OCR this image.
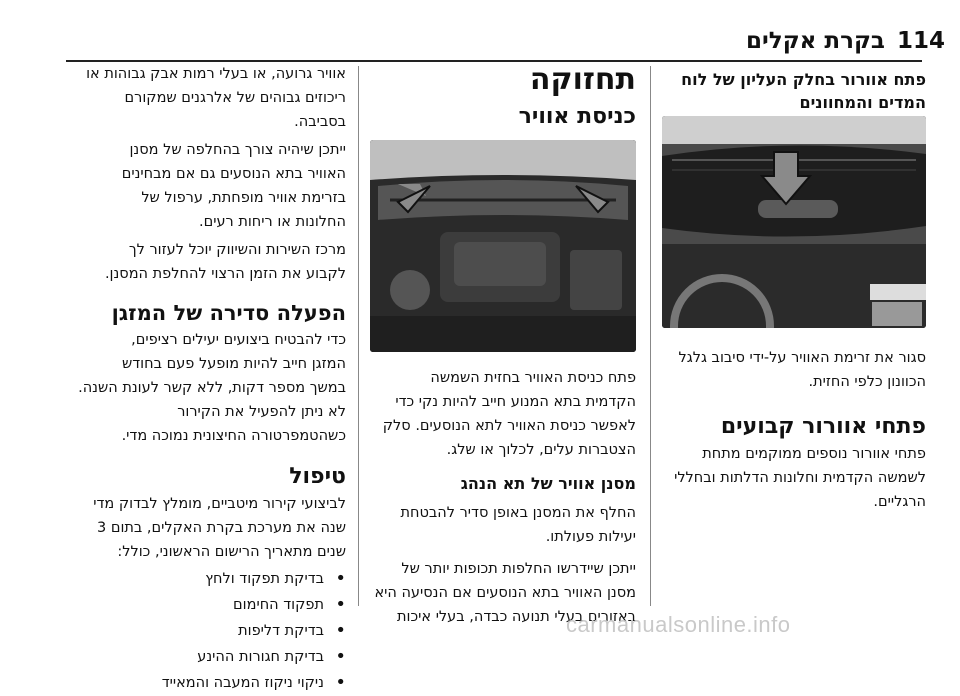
114
בקרת אקלים

פתח אוורור בחלק העליון של לוח
המדים והמחוונים

סגור את זרימת האוויר על-ידי סיבוב גלגל
הכוונון כלפי החזית.

פתחי אוורור קבועים

פתחי אוורור נוספים ממוקמים מתחת
לשמשה הקדמית וחלונות הדלתות ובחללי
הרגליים.

תחזוקה

כניסת אוויר

פתח כניסת האוויר בחזית השמשה
הקדמית בתא המנוע חייב להיות נקי כדי
לאפשר כניסת האוויר לתא הנוסעים. סלק
הצטברות עלים, לכלוך או שלג.

מסנן אוויר של תא הנהג

החלף את המסנן באופן סדיר להבטחת
יעילות פעולתו.

ייתכן שיידרשו החלפות תכופות יותר של
מסנן האוויר בתא הנוסעים אם הנסיעה היא
באזורים בעלי תנועה כבדה, בעלי איכות

אוויר גרועה, או בעלי רמות אבק גבוהות או
ריכוזים גבוהים של אלרגנים שמקורם
בסביבה.

ייתכן שיהיה צורך בהחלפה של מסנן
האוויר בתא הנוסעים גם אם מבחינים
בזרימת אוויר מופחתת, ערפול של
החלונות או ריחות רעים.

מרכז השירות והשיווק יוכל לעזור לך
לקבוע את הזמן הרצוי להחלפת המסנן.

הפעלה סדירה של המזגן

כדי להבטיח ביצועים יעילים רציפים,
המזגן חייב להיות מופעל פעם בחודש
במשך מספר דקות, ללא קשר לעונת השנה.
לא ניתן להפעיל את הקירור
כשהטמפרטורה החיצונית נמוכה מדי.

טיפול

לביצועי קירור מיטביים, מומלץ לבדוק מדי
שנה את מערכת בקרת האקלים, בתום 3
שנים מתאריך הרישום הראשוני, כולל:

• בדיקת תפקוד ולחץ
• תפקוד החימום
• בדיקת דליפות
• בדיקת חגורות ההינע
• ניקוי ניקוז המעבה והמאייד
carmanualsonline.info
